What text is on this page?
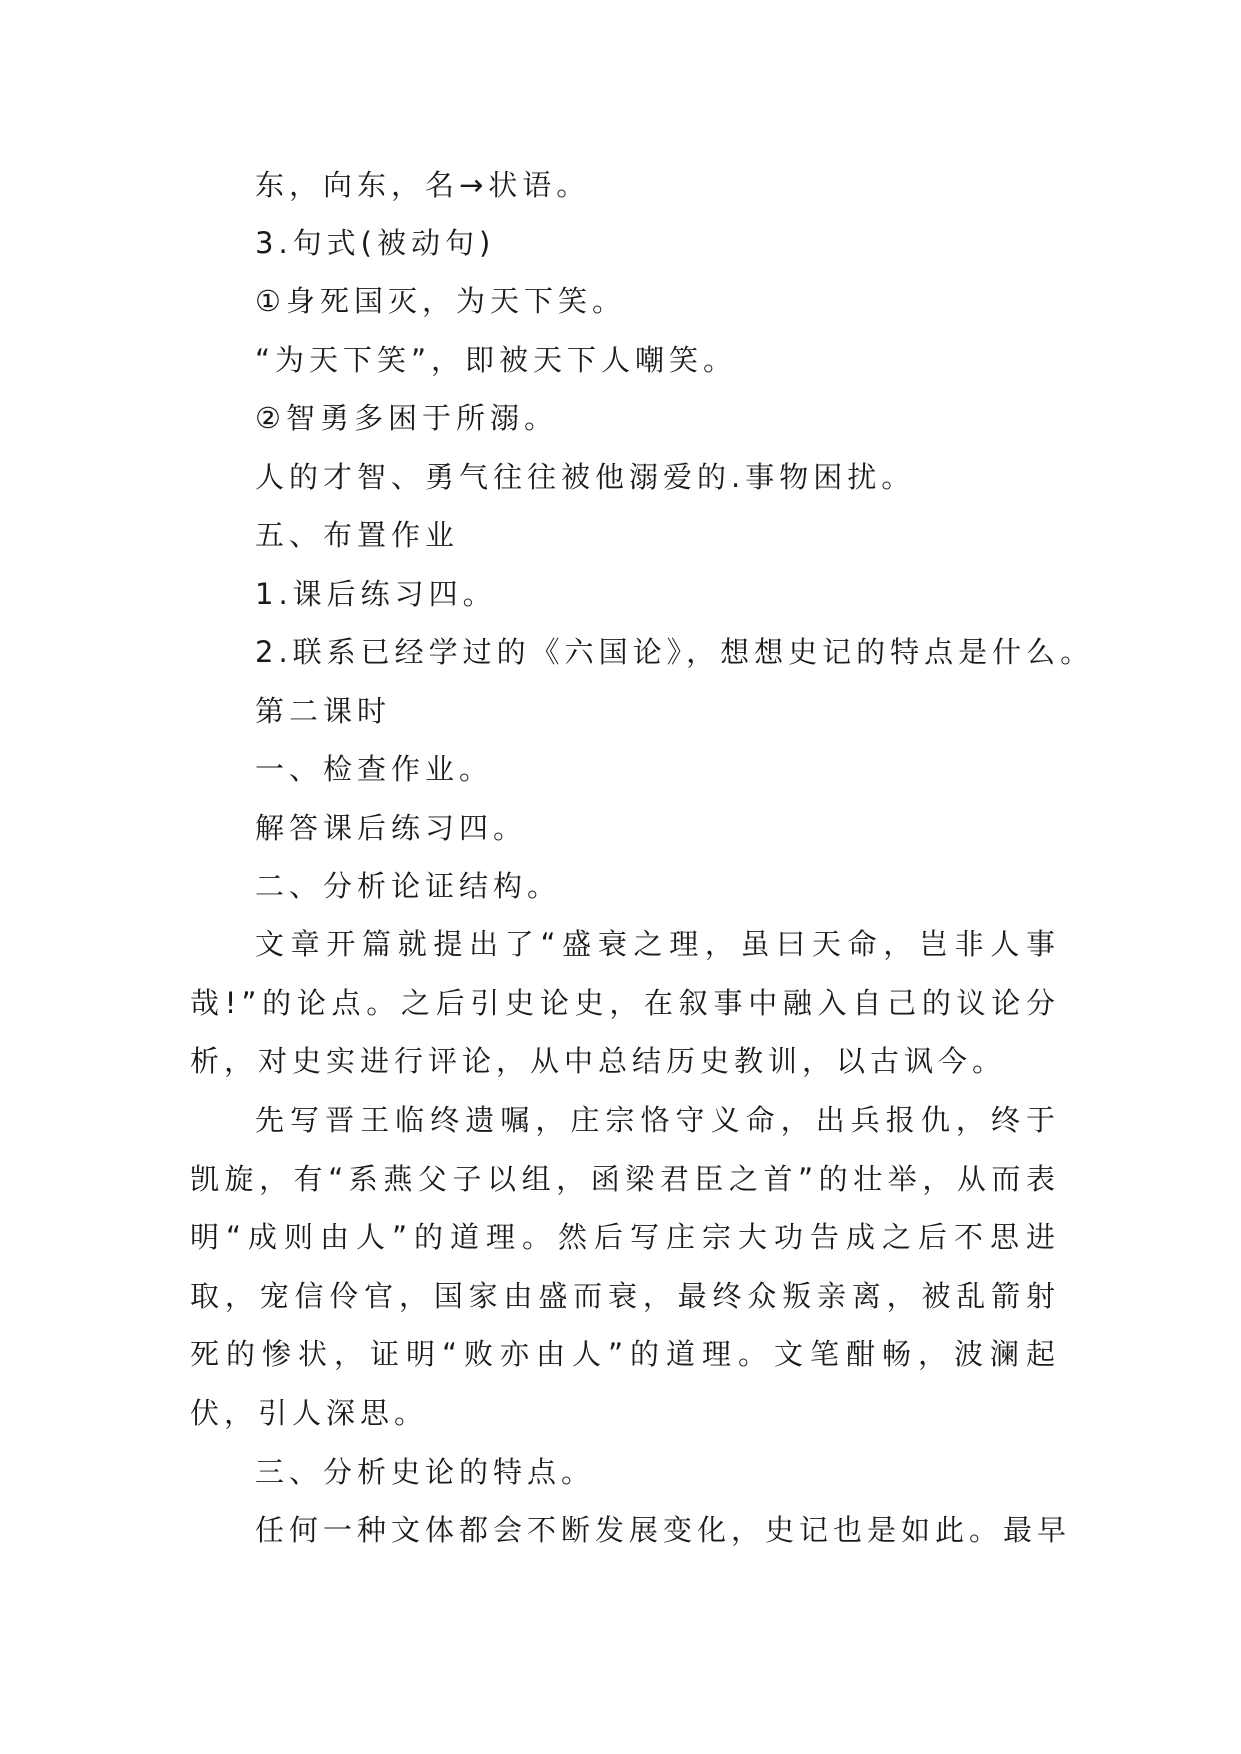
东，向东，名→状语。
3.句式(被动句)
①身死国灭，为天下笑。
“为天下笑”，即被天下人嘲笑。
②智勇多困于所溺。
人的才智、勇气往往被他溺爱的.事物困扰。
五、布置作业
1.课后练习四。
2.联系已经学过的《六国论》，想想史记的特点是什么。
第二课时
一、检查作业。
解答课后练习四。
二、分析论证结构。
文章开篇就提出了“盛衰之理，虽曰天命，岂非人事哉!”的论点。之后引史论史，在叙事中融入自己的议论分析，对史实进行评论，从中总结历史教训，以古讽今。
先写晋王临终遗嘱，庄宗恪守义命，出兵报仇，终于凯旋，有“系燕父子以组，函梁君臣之首”的壮举，从而表明“成则由人”的道理。然后写庄宗大功告成之后不思进取，宠信伶官，国家由盛而衰，最终众叛亲离，被乱箭射死的惨状，证明“败亦由人”的道理。文笔酣畅，波澜起伏，引人深思。
三、分析史论的特点。
任何一种文体都会不断发展变化，史记也是如此。最早
